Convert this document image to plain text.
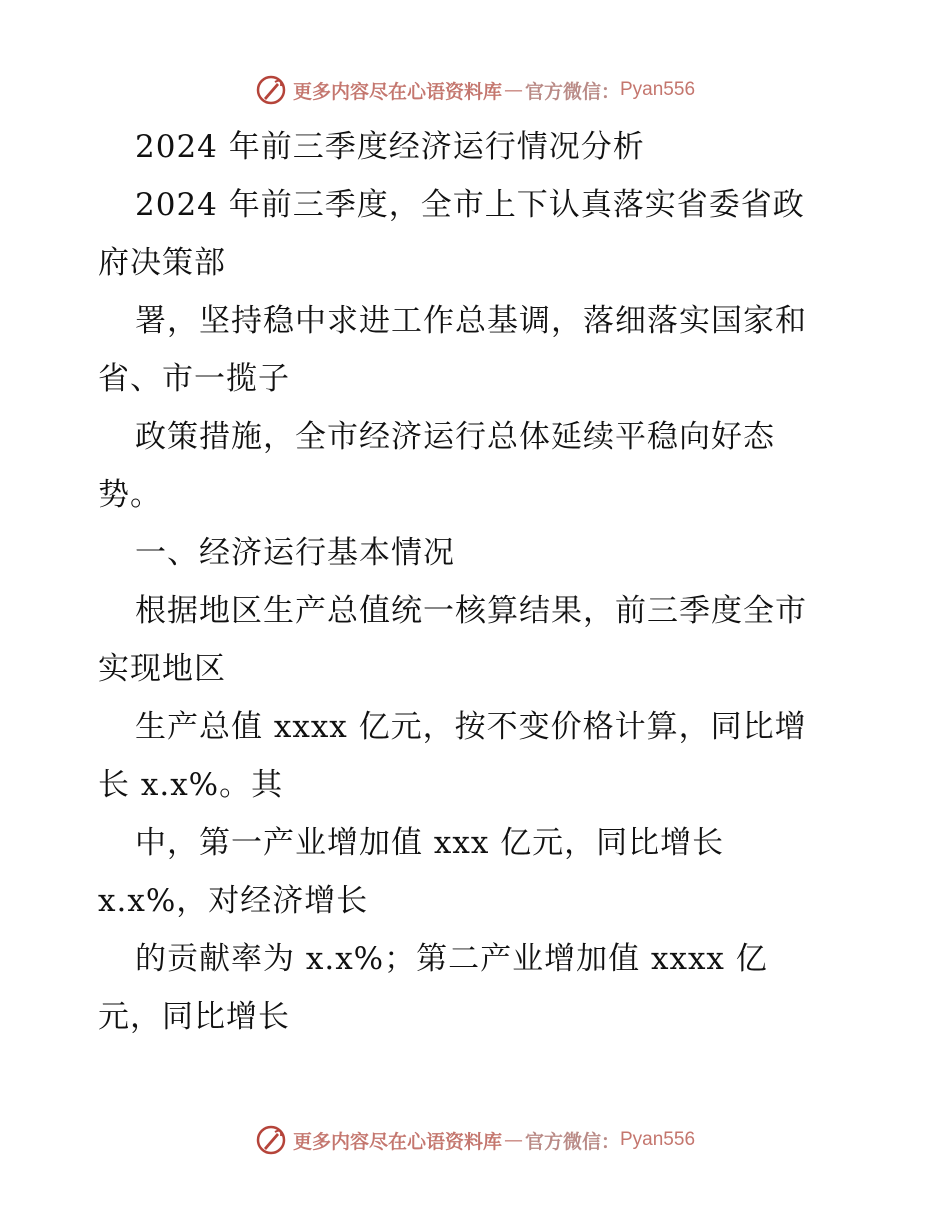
更多内容尽在心语资料库 — 官方微信： Pyan556
2024 年前三季度经济运行情况分析
2024 年前三季度，全市上下认真落实省委省政
府决策部
署，坚持稳中求进工作总基调，落细落实国家和
省、市一揽子
政策措施，全市经济运行总体延续平稳向好态
势。
一、经济运行基本情况
根据地区生产总值统一核算结果，前三季度全市
实现地区
生产总值 xxxx 亿元，按不变价格计算，同比增
长 x.x%。其
中，第一产业增加值 xxx 亿元，同比增长
x.x%，对经济增长
的贡献率为 x.x%；第二产业增加值 xxxx 亿
元，同比增长
更多内容尽在心语资料库 — 官方微信： Pyan556
